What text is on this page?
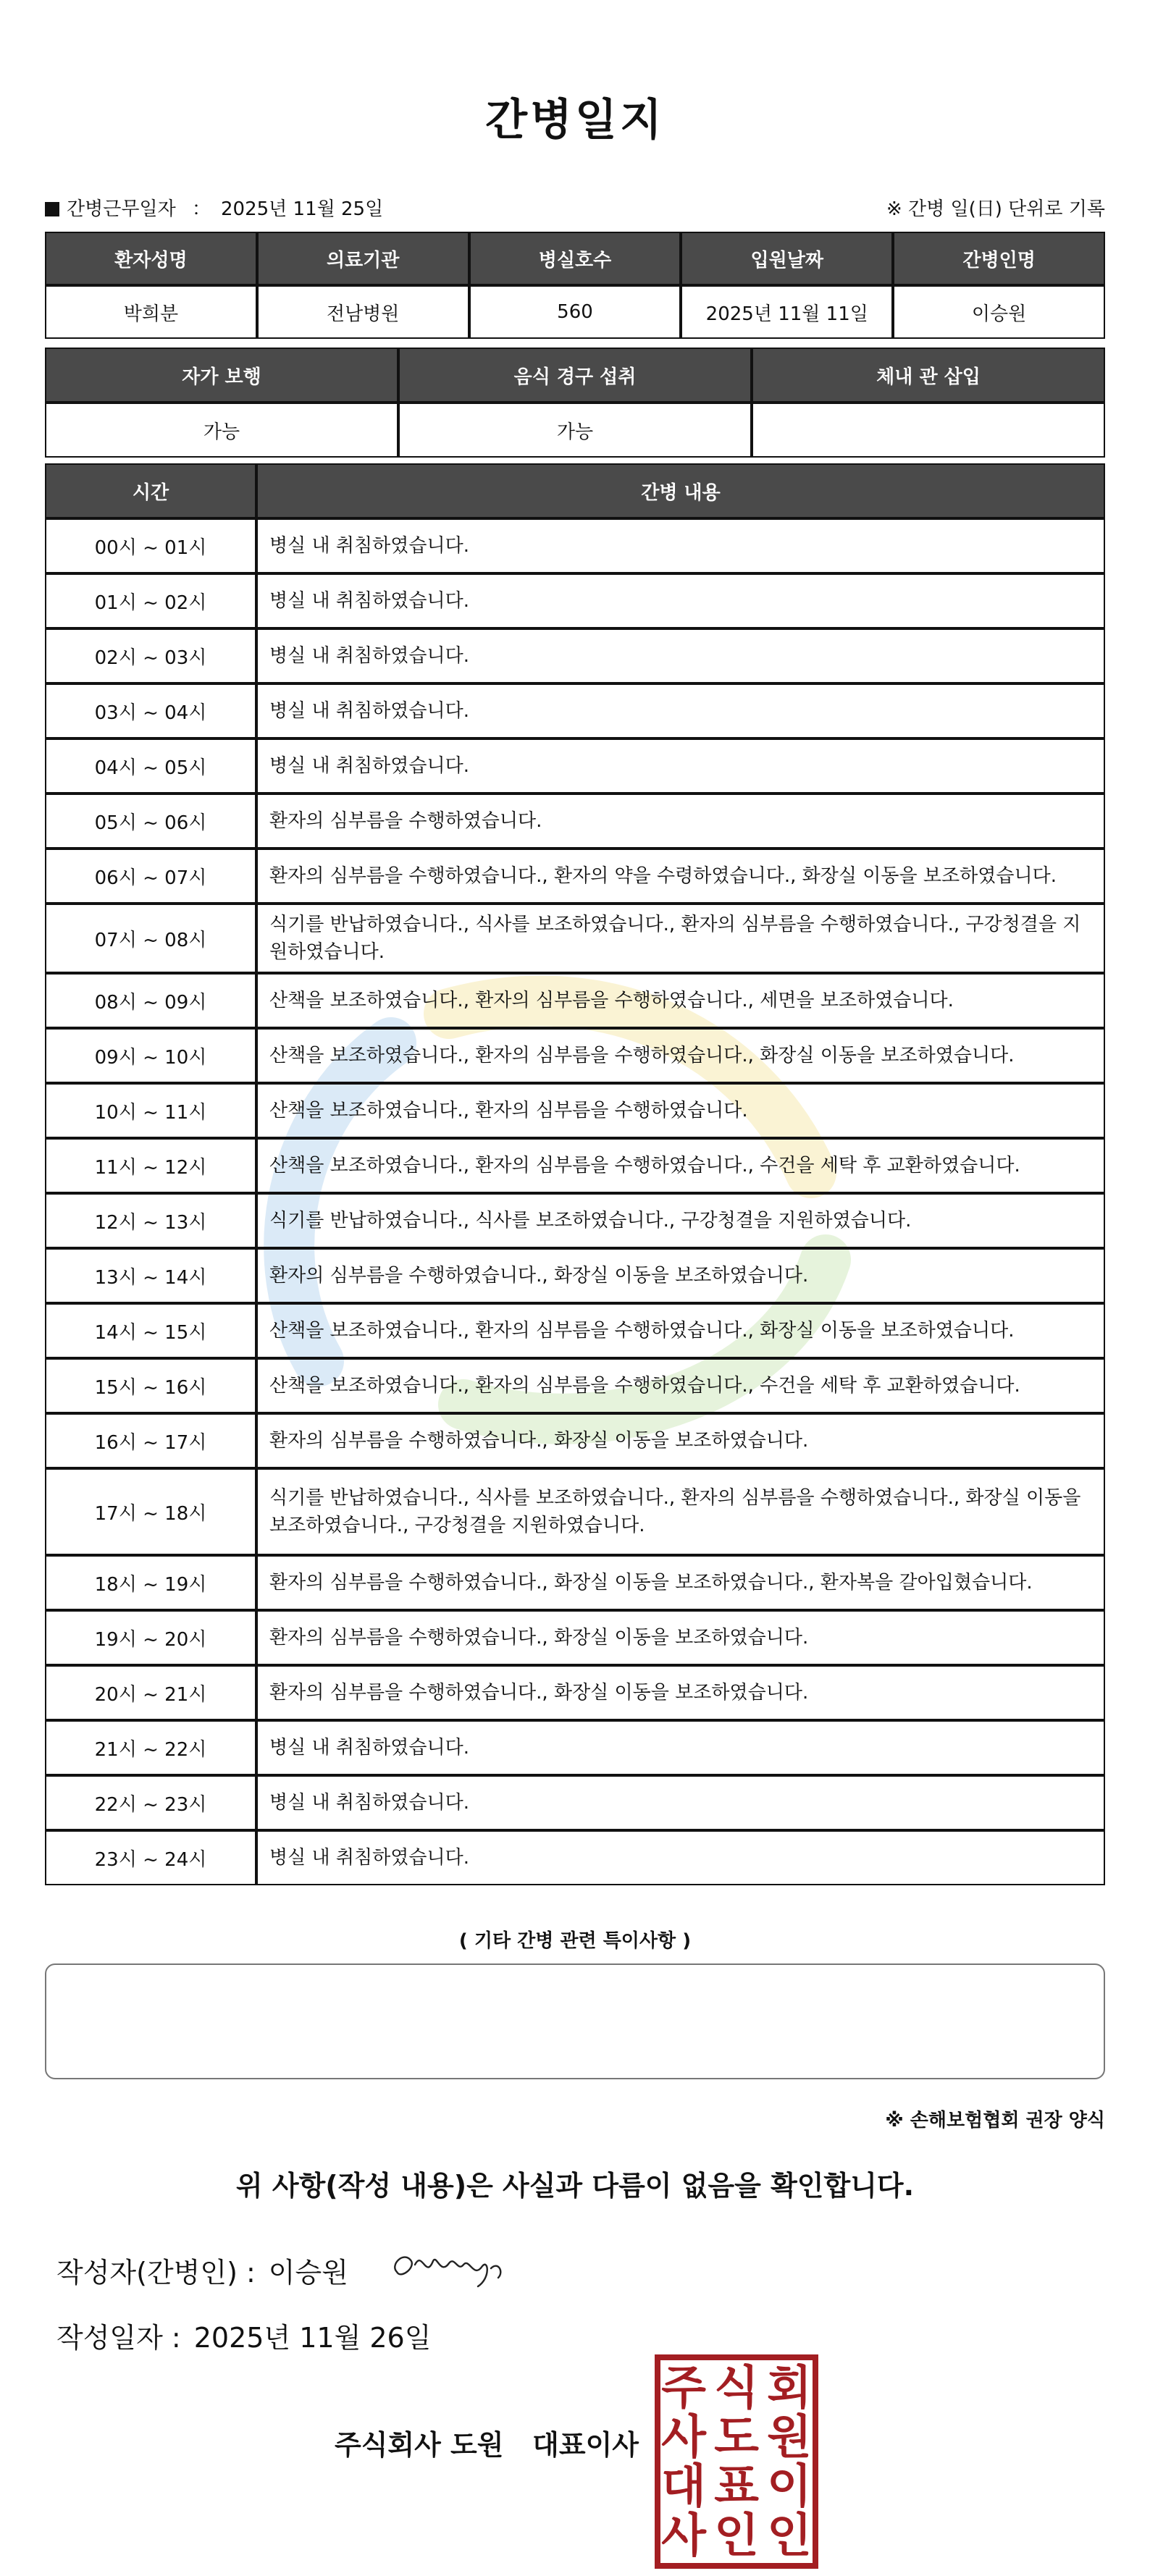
간병일지
간병근무일자 ： 2025년 11월 25일	※ 간병 일(日) 단위로 기록
환자성명	의료기관	병실호수	입원날짜	간병인명
박희분	전남병원	560	2025년 11월 11일	이승원
자가 보행	음식 경구 섭취	체내 관 삽입
가능	가능	
시간	간병 내용
00시 ~ 01시	병실 내 취침하였습니다.
01시 ~ 02시	병실 내 취침하였습니다.
02시 ~ 03시	병실 내 취침하였습니다.
03시 ~ 04시	병실 내 취침하였습니다.
04시 ~ 05시	병실 내 취침하였습니다.
05시 ~ 06시	환자의 심부름을 수행하였습니다.
06시 ~ 07시	환자의 심부름을 수행하였습니다., 환자의 약을 수령하였습니다., 화장실 이동을 보조하였습니다.
07시 ~ 08시	식기를 반납하였습니다., 식사를 보조하였습니다., 환자의 심부름을 수행하였습니다., 구강청결을 지원하였습니다.
08시 ~ 09시	산책을 보조하였습니다., 환자의 심부름을 수행하였습니다., 세면을 보조하였습니다.
09시 ~ 10시	산책을 보조하였습니다., 환자의 심부름을 수행하였습니다., 화장실 이동을 보조하였습니다.
10시 ~ 11시	산책을 보조하였습니다., 환자의 심부름을 수행하였습니다.
11시 ~ 12시	산책을 보조하였습니다., 환자의 심부름을 수행하였습니다., 수건을 세탁 후 교환하였습니다.
12시 ~ 13시	식기를 반납하였습니다., 식사를 보조하였습니다., 구강청결을 지원하였습니다.
13시 ~ 14시	환자의 심부름을 수행하였습니다., 화장실 이동을 보조하였습니다.
14시 ~ 15시	산책을 보조하였습니다., 환자의 심부름을 수행하였습니다., 화장실 이동을 보조하였습니다.
15시 ~ 16시	산책을 보조하였습니다., 환자의 심부름을 수행하였습니다., 수건을 세탁 후 교환하였습니다.
16시 ~ 17시	환자의 심부름을 수행하였습니다., 화장실 이동을 보조하였습니다.
17시 ~ 18시	식기를 반납하였습니다., 식사를 보조하였습니다., 환자의 심부름을 수행하였습니다., 화장실 이동을 보조하였습니다., 구강청결을 지원하였습니다.
18시 ~ 19시	환자의 심부름을 수행하였습니다., 화장실 이동을 보조하였습니다., 환자복을 갈아입혔습니다.
19시 ~ 20시	환자의 심부름을 수행하였습니다., 화장실 이동을 보조하였습니다.
20시 ~ 21시	환자의 심부름을 수행하였습니다., 화장실 이동을 보조하였습니다.
21시 ~ 22시	병실 내 취침하였습니다.
22시 ~ 23시	병실 내 취침하였습니다.
23시 ~ 24시	병실 내 취침하였습니다.
( 기타 간병 관련 특이사항 )
※ 손해보험협회 권장 양식
위 사항(작성 내용)은 사실과 다름이 없음을 확인합니다.
작성자(간병인) : 이승원
작성일자 : 2025년 11월 26일
주식회사 도원   대표이사
주 식 회
사 도 원
대 표 이
사 인 인
